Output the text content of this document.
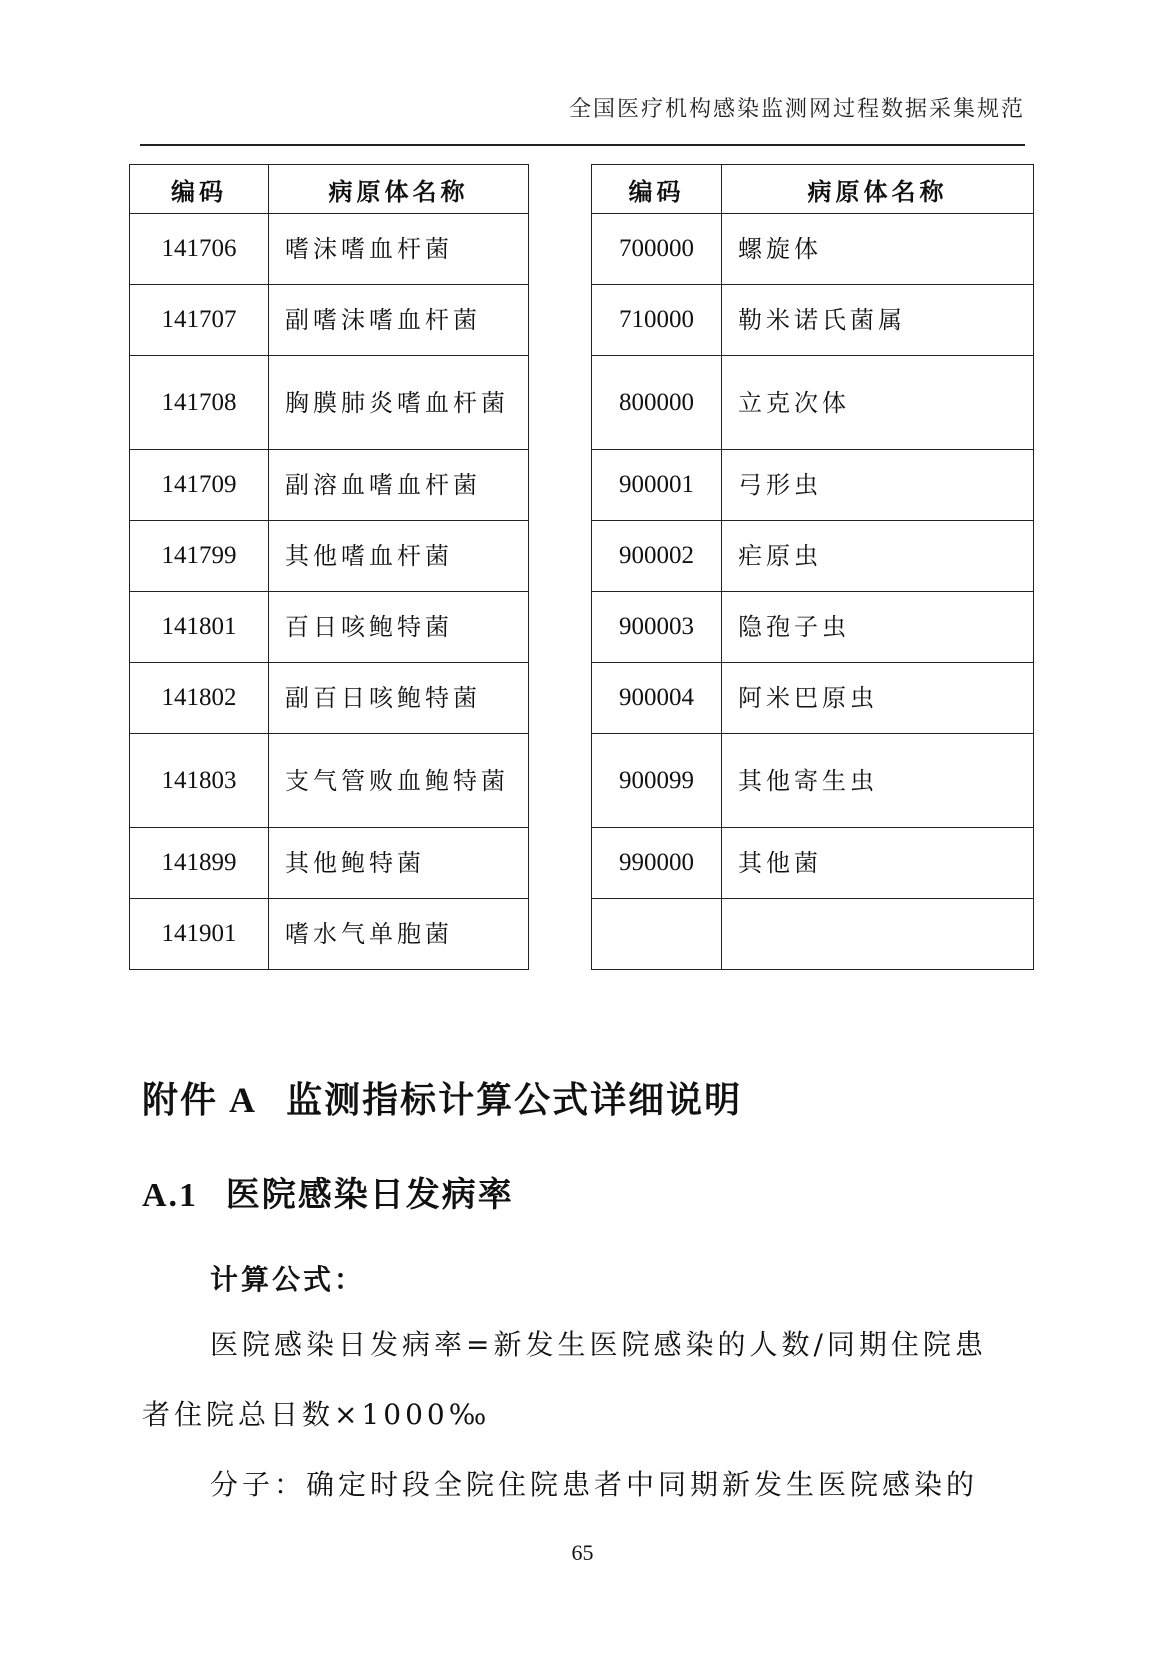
全国医疗机构感染监测网过程数据采集规范
编码	病原体名称
141706	嗜沫嗜血杆菌
141707	副嗜沫嗜血杆菌
141708	胸膜肺炎嗜血杆菌
141709	副溶血嗜血杆菌
141799	其他嗜血杆菌
141801	百日咳鲍特菌
141802	副百日咳鲍特菌
141803	支气管败血鲍特菌
141899	其他鲍特菌
141901	嗜水气单胞菌
编码	病原体名称
700000	螺旋体
710000	勒米诺氏菌属
800000	立克次体
900001	弓形虫
900002	疟原虫
900003	隐孢子虫
900004	阿米巴原虫
900099	其他寄生虫
990000	其他菌

附件 A 监测指标计算公式详细说明
A.1 医院感染日发病率
计算公式：
医院感染日发病率=新发生医院感染的人数/同期住院患
者住院总日数×1000‰
分子：确定时段全院住院患者中同期新发生医院感染的
65
